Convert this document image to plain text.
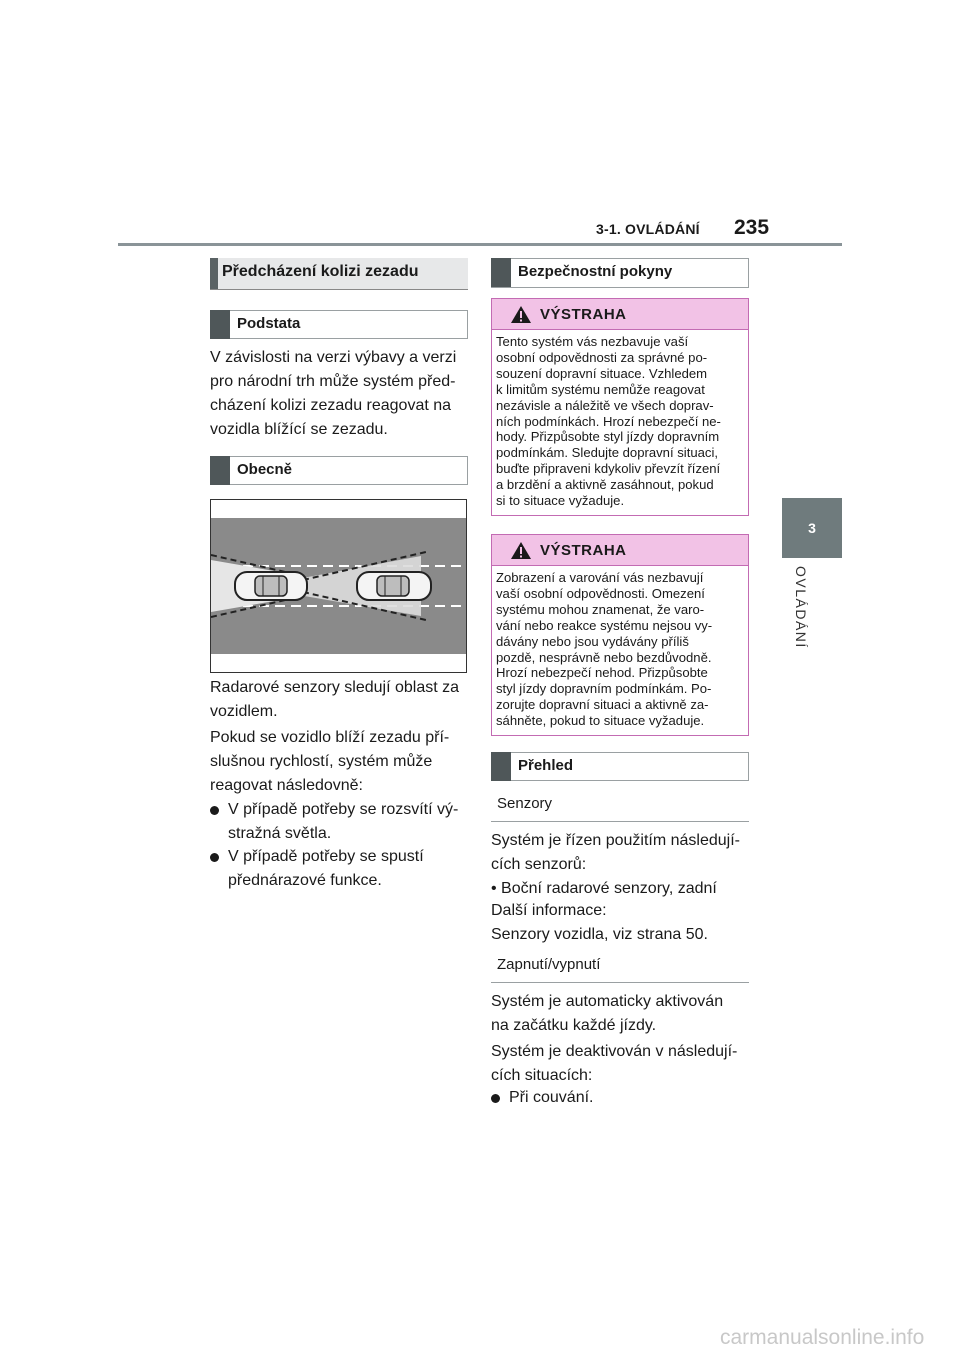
3-1. OVLÁDÁNÍ 235
3
OVLÁDÁNÍ
Předcházení kolizi zezadu
Podstata
V závislosti na verzi výbavy a verzi
pro národní trh může systém před-
cházení kolizi zezadu reagovat na
vozidla blížící se zezadu.
Obecně
Radarové senzory sledují oblast za
vozidlem.
Pokud se vozidlo blíží zezadu pří-
slušnou rychlostí, systém může
reagovat následovně:
V případě potřeby se rozsvítí vý-
stražná světla.
V případě potřeby se spustí
přednárazové funkce.
Bezpečnostní pokyny
VÝSTRAHA
Tento systém vás nezbavuje vaší
osobní odpovědnosti za správné po-
souzení dopravní situace. Vzhledem
k limitům systému nemůže reagovat
nezávisle a náležitě ve všech doprav-
ních podmínkách. Hrozí nebezpečí ne-
hody. Přizpůsobte styl jízdy dopravním
podmínkám. Sledujte dopravní situaci,
buďte připraveni kdykoliv převzít řízení
a brzdění a aktivně zasáhnout, pokud
si to situace vyžaduje.
VÝSTRAHA
Zobrazení a varování vás nezbavují
vaší osobní odpovědnosti. Omezení
systému mohou znamenat, že varo-
vání nebo reakce systému nejsou vy-
dávány nebo jsou vydávány příliš
pozdě, nesprávně nebo bezdůvodně.
Hrozí nebezpečí nehod. Přizpůsobte
styl jízdy dopravním podmínkám. Po-
zorujte dopravní situaci a aktivně za-
sáhněte, pokud to situace vyžaduje.
Přehled
Senzory
Systém je řízen použitím následují-
cích senzorů:
• Boční radarové senzory, zadní
Další informace:
Senzory vozidla, viz strana 50.
Zapnutí/vypnutí
Systém je automaticky aktivován
na začátku každé jízdy.
Systém je deaktivován v následují-
cích situacích:
Při couvání.
carmanualsonline.info
